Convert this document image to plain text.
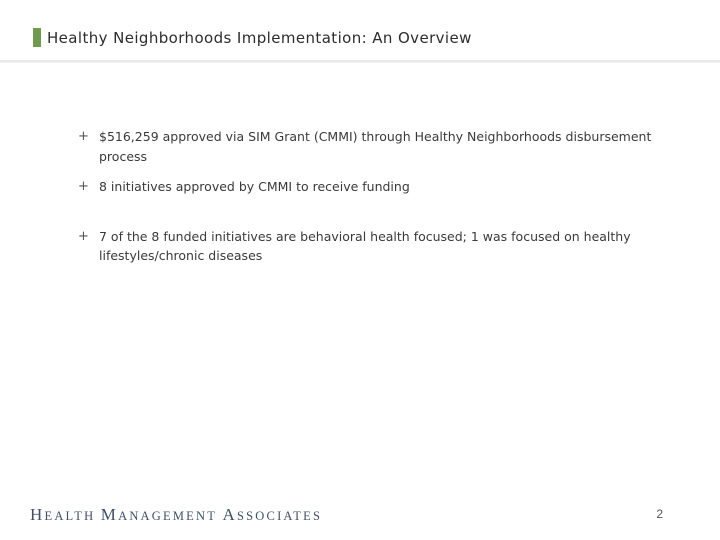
Healthy Neighborhoods Implementation: An Overview
+ $516,259 approved via SIM Grant (CMMI) through Healthy Neighborhoods disbursement process
+ 8 initiatives approved by CMMI to receive funding
+ 7 of the 8 funded initiatives are behavioral health focused; 1 was focused on healthy lifestyles/chronic diseases
HEALTH MANAGEMENT ASSOCIATES	2
